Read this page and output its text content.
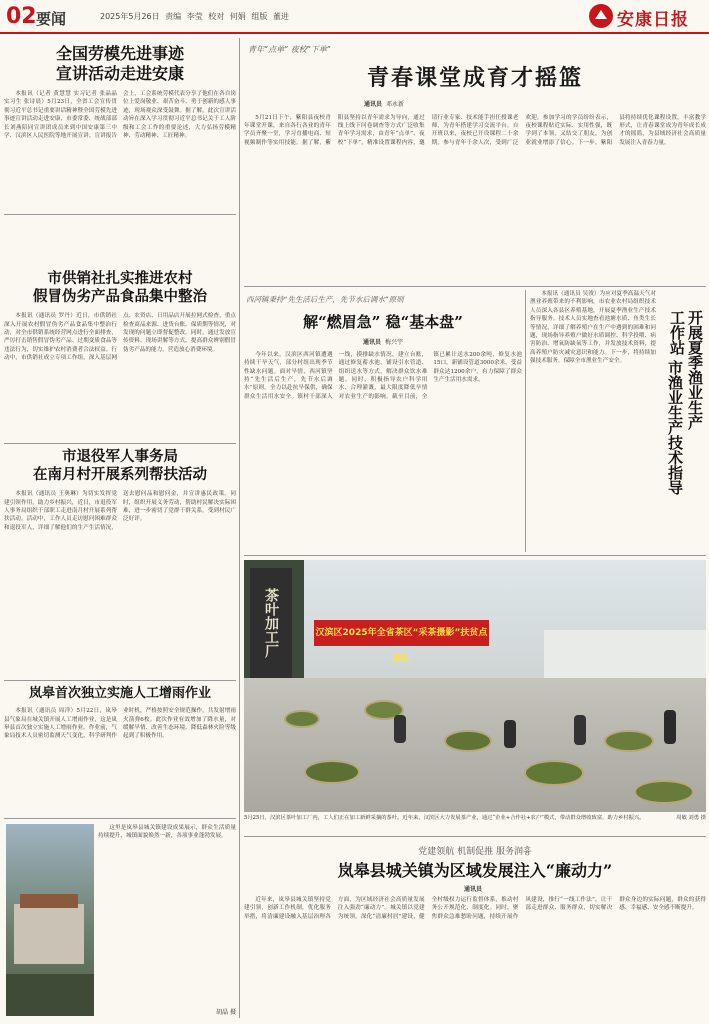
02 要闻	2025年5月26日 责编 李莹 校对 何娟 组版 董进	安康日报
全国劳模先进事迹
宣讲活动走进安康

本报讯（记者 黄慧慧 实习记者 张晶晶 实习生 张诗晨）5月23日，全省工会宣传贯彻习近平总书记重要讲话精神暨全国劳模先进事迹宣讲活动走进安康，市委常委、统战部部长刘燕陪同宣讲团成员来到中国安康第三中学、汉滨区人民医院等地开展宣讲。宣讲报告会上，工会系统劳模代表分享了他们在各自岗位上爱岗敬业、艰苦奋斗、勇于创新的感人事迹，现场观众深受鼓舞。据了解，此次宣讲活动旨在深入学习贯彻习近平总书记关于工人阶级和工会工作的重要论述，大力弘扬劳模精神、劳动精神、工匠精神。

市供销社扎实推进农村
假冒伪劣产品食品集中整治

本报讯（通讯员 罗丹）近日，市供销社深入开展农村假冒伪劣产品食品集中整治行动，对全市供销系统经营网点进行全面排查，严厉打击销售假冒伪劣产品、过期变质食品等违法行为，切实维护农村消费者合法权益。行动中，市供销社成立专项工作组，深入基层网点、农资店、日用品店开展拉网式检查，重点检查商品来源、进货台账、保质期等情况，对发现的问题立即督促整改。同时，通过发放宣传资料、现场讲解等方式，提高群众辨别假冒伪劣产品的能力，营造放心消费环境。

市退役军人事务局
在南月村开展系列帮扶活动

本报讯（通讯员 王奥琳）为切实发挥党建引领作用，助力乡村振兴，近日，市退役军人事务局组织干部职工走进南月村开展系列帮扶活动。活动中，工作人员走访慰问困难群众和退役军人，详细了解他们的生产生活情况，送去慰问品和慰问金，并宣讲惠民政策。同时，组织开展义务劳动，帮助村民解决实际困难，进一步密切了党群干群关系，受到村民广泛好评。

岚皋首次独立实施人工增雨作业

本报讯（通讯员 周洋）5月22日，岚皋县气象局在城关镇开展人工增雨作业，这是岚皋县首次独立实施人工增雨作业。作业前，气象局技术人员密切监测天气变化，科学研判作业时机，严格按照安全规范操作，共发射增雨火箭弹6枚。此次作业有效增加了降水量，对缓解旱情、改善生态环境、降低森林火险等级起到了积极作用。

这里是岚皋县城关镇建设成果展示，群众生活质量持续提升，城镇面貌焕然一新，各项事业蓬勃发展。

胡晶 摄
青年“点单” 夜校“下单”
青春课堂成育才摇篮
通讯员 邓永新

5月21日下午，紫阳县夜校青年课堂开课，来自各行各业的青年学员齐聚一堂，学习直播电商、短视频制作等实用技能。据了解，紫阳县坚持以青年需求为导向，通过线上线下问卷调查等方式广泛收集青年学习需求，由青年“点单”、夜校“下单”，精准设置课程内容，邀请行业专家、技术能手担任授课老师，为青年搭建学习交流平台。自开班以来，夜校已开设课程二十余期，参与青年千余人次，受到广泛欢迎。参加学习的学员纷纷表示，夜校课程贴近实际、实用性强，既学到了本领，又结交了朋友，为创业就业增添了信心。下一步，紫阳县将持续优化课程设置，丰富教学形式，让青春课堂成为青年成长成才的摇篮，为县域经济社会高质量发展注入青春力量。

西河镇秉持“先生活后生产，先节水后调水”原则
解“燃眉急” 稳“基本盘”
通讯员 梅兴宇

今年以来，汉滨区西河镇遭遇持续干旱天气，部分村组出现季节性缺水问题。面对旱情，西河镇坚持“先生活后生产，先节水后调水”原则，全力以赴抗旱保供，确保群众生活用水安全。镇村干部深入一线，摸排缺水情况，建立台账，通过修复蓄水池、铺设引水管道、组织送水等方式，解决群众饮水难题。同时，积极指导农户科学用水、合理灌溉，最大限度降低旱情对农业生产的影响。截至目前，全镇已累计送水200余吨，修复水池15口，新铺设管道3000余米，受益群众达1200余户，有力保障了群众生产生活用水需求。

本报讯（通讯员 吴浚）为应对夏季高温天气对渔业养殖带来的不利影响，市农业农村局组织技术人员深入各县区养殖基地，开展夏季渔业生产技术指导服务。技术人员实地查看池塘水质、鱼类生长等情况，详细了解养殖户在生产中遇到的困难和问题，现场指导养殖户做好水质调控、科学投喂、病害防治、增氧防缺氧等工作，并发放技术资料，提高养殖户防灾减灾意识和能力。下一步，将持续加强技术服务，保障全市渔业生产安全。	开展夏季渔业生产
工作站
市渔业生产技术指导
茶叶加工厂	汉滨区2025年全省茶区“采茶摄影”扶贫点活动
5月25日，汉滨区茶叶加工厂内，工人们正在加工新鲜采摘的茶叶。近年来，汉滨区大力发展茶产业，通过“企业+合作社+农户”模式，带动群众增收致富，助力乡村振兴。	周敏 刘勇 摄
党建领航 机制促推 服务润흉
岚皋县城关镇为区域发展注入“廉动力”
通讯员

近年来，岚皋县城关镇坚持党建引领，创新工作机制，优化服务举措，将清廉建设融入基层治理各方面，为区域经济社会高质量发展注入强劲“廉动力”。城关镇以党建为统领，深化“清廉村居”建设，健全村级权力运行监督体系，推动村务公开规范化、制度化。同时，聚焦群众急难愁盼问题，持续开展作风建设，推行“一线工作法”，让干部走进群众、服务群众，切实解决群众身边的实际问题，群众的获得感、幸福感、安全感不断提升。
